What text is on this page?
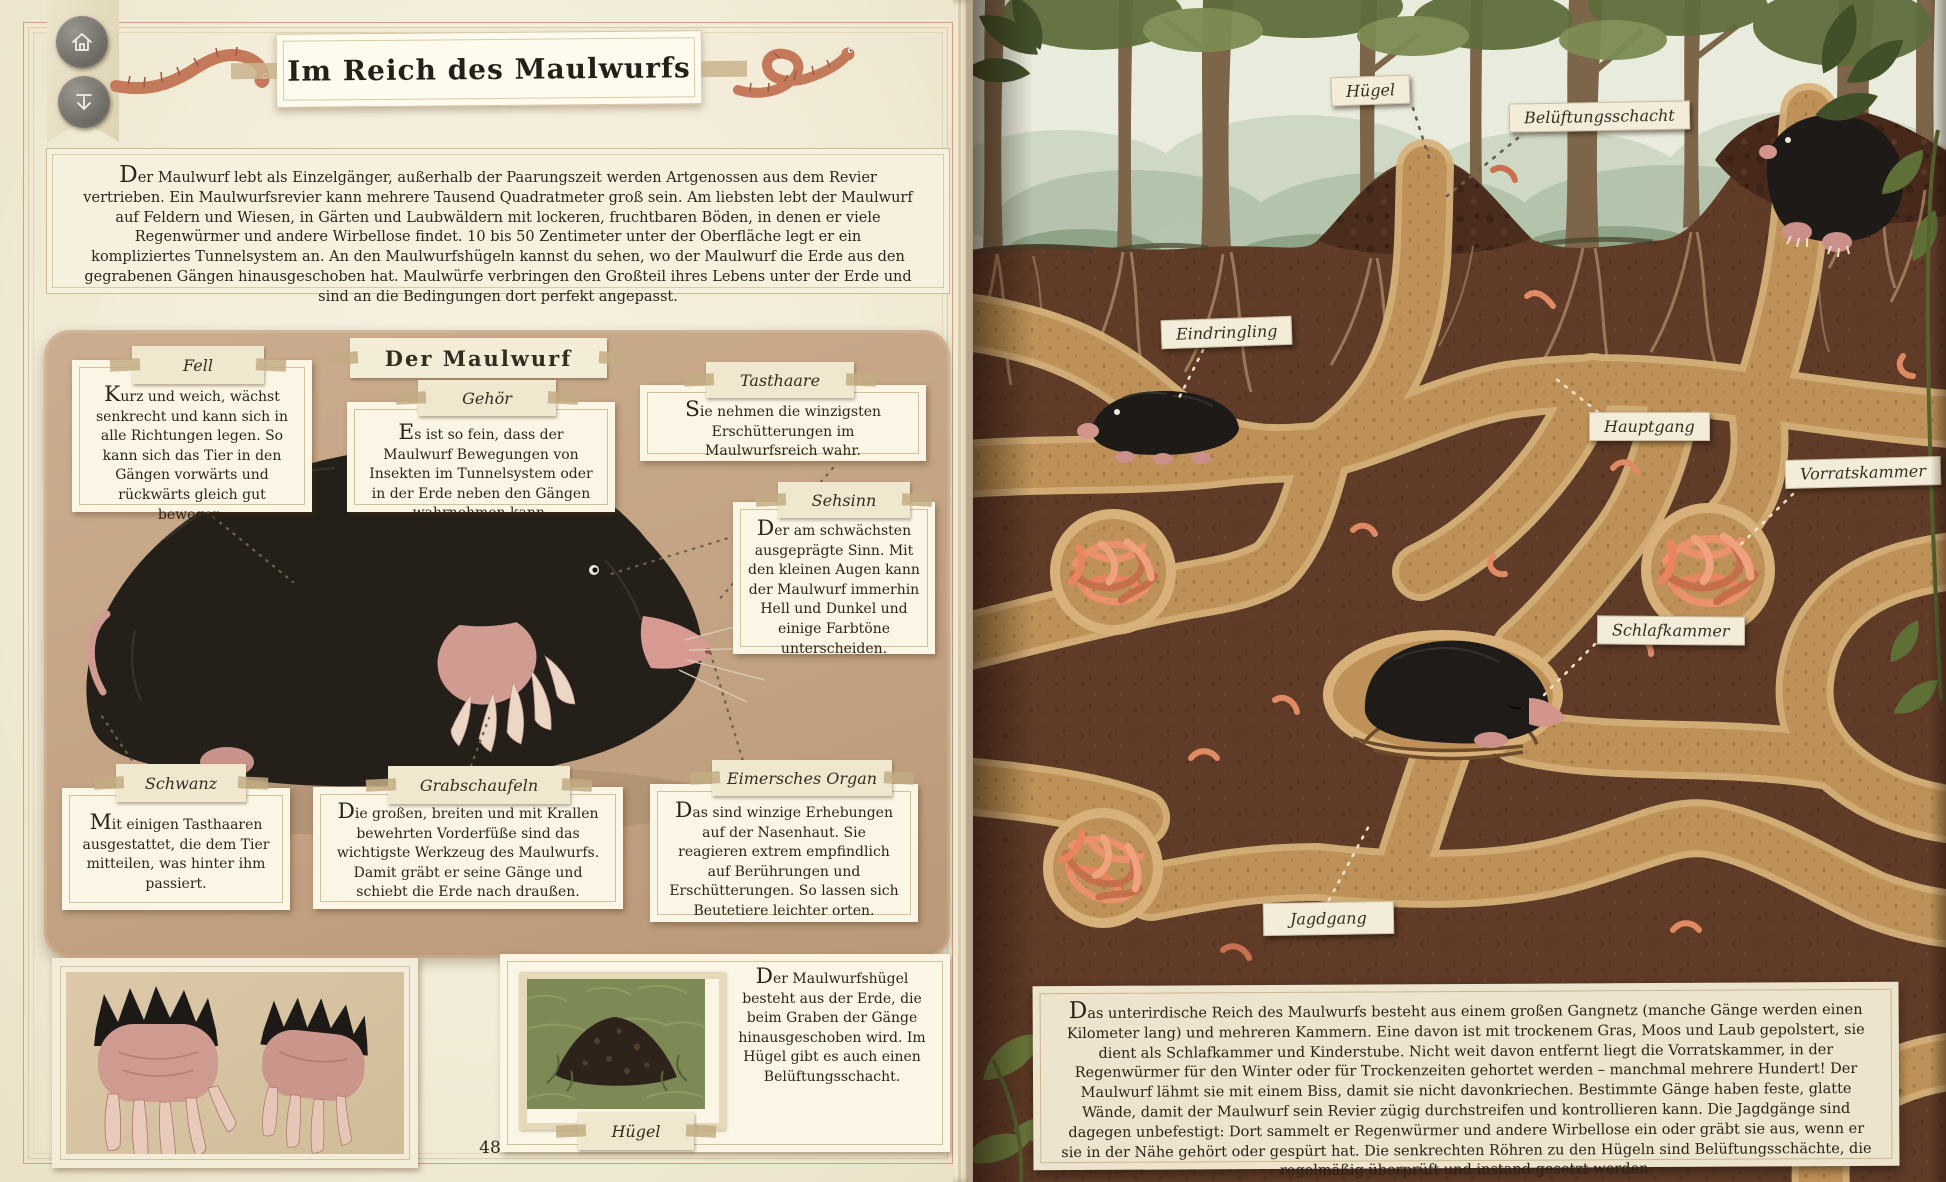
Im Reich des Maulwurfs
Der Maulwurf lebt als Einzelgänger, außerhalb der Paarungszeit werden Artgenossen aus dem Revier vertrieben. Ein Maulwurfsrevier kann mehrere Tausend Quadratmeter groß sein. Am liebsten lebt der Maulwurf auf Feldern und Wiesen, in Gärten und Laubwäldern mit lockeren, fruchtbaren Böden, in denen er viele Regenwürmer und andere Wirbellose findet. 10 bis 50 Zentimeter unter der Oberfläche legt er ein kompliziertes Tunnelsystem an. An den Maulwurfshügeln kannst du sehen, wo der Maulwurf die Erde aus den gegrabenen Gängen hinausgeschoben hat. Maulwürfe verbringen den Großteil ihres Lebens unter der Erde und sind an die Bedingungen dort perfekt angepasst.
Der Maulwurf
Kurz und weich, wächst senkrecht und kann sich in alle Richtungen legen. So kann sich das Tier in den Gängen vorwärts und rückwärts gleich gut bewegen.
Fell
Es ist so fein, dass der Maulwurf Bewegungen von Insekten im Tunnelsystem oder in der Erde neben den Gängen wahrnehmen kann.
Gehör	Sie nehmen die winzigsten Erschütterungen im Maulwurfsreich wahr.
Tasthaare
Der am schwächsten ausgeprägte Sinn. Mit den kleinen Augen kann der Maulwurf immerhin Hell und Dunkel und einige Farbtöne unterscheiden.
Sehsinn
Mit einigen Tasthaaren ausgestattet, die dem Tier mitteilen, was hinter ihm passiert.
Schwanz
Die großen, breiten und mit Krallen bewehrten Vorderfüße sind das wichtigste Werkzeug des Maulwurfs. Damit gräbt er seine Gänge und schiebt die Erde nach draußen.
Grabschaufeln
Das sind winzige Erhebungen auf der Nasenhaut. Sie reagieren extrem empfindlich auf Berührungen und Erschütterungen. So lassen sich Beutetiere leichter orten.
Eimersches Organ
Der Maulwurfshügel besteht aus der Erde, die beim Graben der Gänge hinausgeschoben wird. Im Hügel gibt es auch einen Belüftungsschacht.
Hügel
48
Hügel
Belüftungsschacht
Eindringling
Hauptgang
Vorratskammer
Schlafkammer
Jagdgang
Das unterirdische Reich des Maulwurfs besteht aus einem großen Gangnetz (manche Gänge werden einen Kilometer lang) und mehreren Kammern. Eine davon ist mit trockenem Gras, Moos und Laub gepolstert, sie dient als Schlafkammer und Kinderstube. Nicht weit davon entfernt liegt die Vorratskammer, in der Regenwürmer für den Winter oder für Trockenzeiten gehortet werden – manchmal mehrere Hundert! Der Maulwurf lähmt sie mit einem Biss, damit sie nicht davonkriechen. Bestimmte Gänge haben feste, glatte Wände, damit der Maulwurf sein Revier zügig durchstreifen und kontrollieren kann. Die Jagdgänge sind dagegen unbefestigt: Dort sammelt er Regenwürmer und andere Wirbellose ein oder gräbt sie aus, wenn er sie in der Nähe gehört oder gespürt hat. Die senkrechten Röhren zu den Hügeln sind Belüftungsschächte, die regelmäßig überprüft und instand gesetzt werden.
